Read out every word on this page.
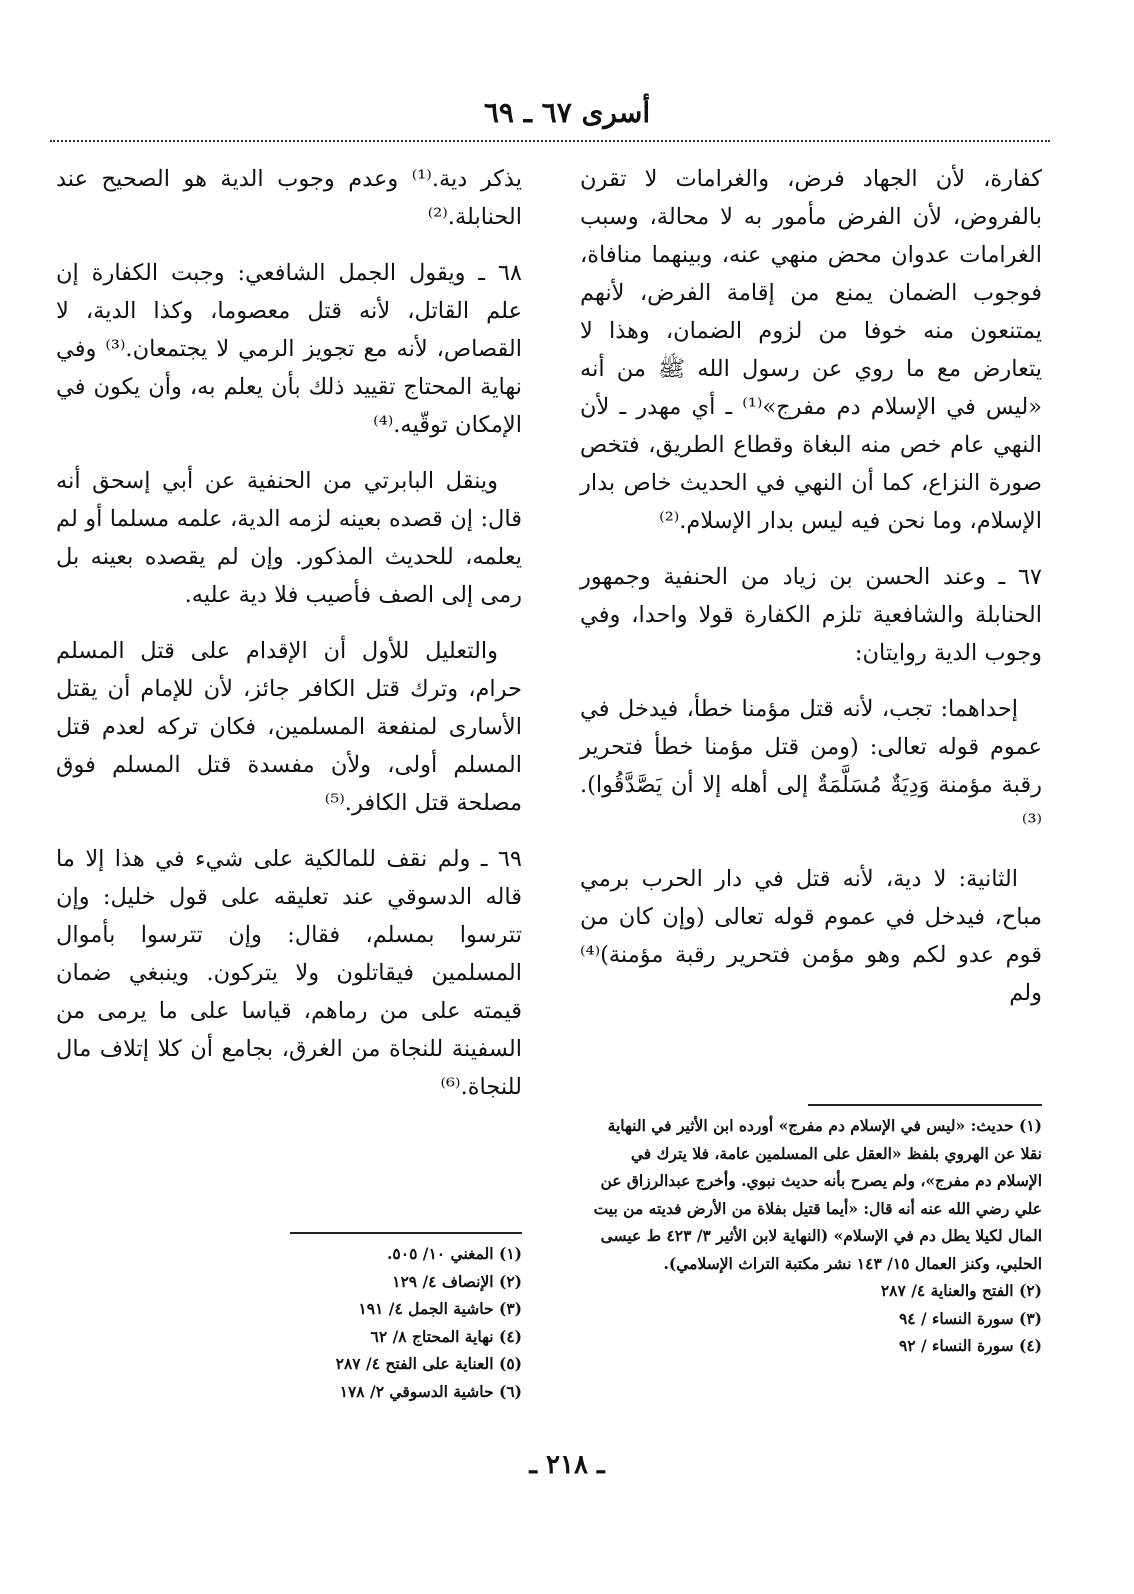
أسرى ٦٧ ـ ٦٩

كفارة، لأن الجهاد فرض، والغرامات لا تقرن بالفروض، لأن الفرض مأمور به لا محالة، وسبب الغرامات عدوان محض منهي عنه، وبينهما منافاة، فوجوب الضمان يمنع من إقامة الفرض، لأنهم يمتنعون منه خوفا من لزوم الضمان، وهذا لا يتعارض مع ما روي عن رسول الله ﷺ من أنه «ليس في الإسلام دم مفرج»⁽¹⁾ ـ أي مهدر ـ لأن النهي عام خص منه البغاة وقطاع الطريق، فتخص صورة النزاع، كما أن النهي في الحديث خاص بدار الإسلام، وما نحن فيه ليس بدار الإسلام.⁽²⁾

٦٧ ـ وعند الحسن بن زياد من الحنفية وجمهور الحنابلة والشافعية تلزم الكفارة قولا واحدا، وفي وجوب الدية روايتان:

إحداهما: تجب، لأنه قتل مؤمنا خطأ، فيدخل في عموم قوله تعالى: (ومن قتل مؤمنا خطأ فتحرير رقبة مؤمنة وَدِيَةٌ مُسَلَّمَةٌ إلى أهله إلا أن يَصَّدَّقُوا).⁽³⁾

الثانية: لا دية، لأنه قتل في دار الحرب برمي مباح، فيدخل في عموم قوله تعالى (وإن كان من قوم عدو لكم وهو مؤمن فتحرير رقبة مؤمنة)⁽⁴⁾ ولم

(١) حديث: «ليس في الإسلام دم مفرج» أورده ابن الأثير في النهاية نقلا عن الهروي بلفظ «العقل على المسلمين عامة، فلا يترك في الإسلام دم مفرج»، ولم يصرح بأنه حديث نبوي. وأخرج عبدالرزاق عن علي رضي الله عنه أنه قال: «أيما قتيل بفلاة من الأرض فديته من بيت المال لكيلا يطل دم في الإسلام» (النهاية لابن الأثير ٣/ ٤٢٣ ط عيسى الحلبي، وكنز العمال ١٥/ ١٤٣ نشر مكتبة التراث الإسلامي).
(٢) الفتح والعناية ٤/ ٢٨٧
(٣) سورة النساء / ٩٤
(٤) سورة النساء / ٩٢

يذكر دية.⁽¹⁾ وعدم وجوب الدية هو الصحيح عند الحنابلة.⁽²⁾

٦٨ ـ ويقول الجمل الشافعي: وجبت الكفارة إن علم القاتل، لأنه قتل معصوما، وكذا الدية، لا القصاص، لأنه مع تجويز الرمي لا يجتمعان.⁽³⁾ وفي نهاية المحتاج تقييد ذلك بأن يعلم به، وأن يكون في الإمكان توقّيه.⁽⁴⁾

وينقل البابرتي من الحنفية عن أبي إسحق أنه قال: إن قصده بعينه لزمه الدية، علمه مسلما أو لم يعلمه، للحديث المذكور. وإن لم يقصده بعينه بل رمى إلى الصف فأصيب فلا دية عليه.

والتعليل للأول أن الإقدام على قتل المسلم حرام، وترك قتل الكافر جائز، لأن للإمام أن يقتل الأسارى لمنفعة المسلمين، فكان تركه لعدم قتل المسلم أولى، ولأن مفسدة قتل المسلم فوق مصلحة قتل الكافر.⁽⁵⁾

٦٩ ـ ولم نقف للمالكية على شيء في هذا إلا ما قاله الدسوقي عند تعليقه على قول خليل: وإن تترسوا بمسلم، فقال: وإن تترسوا بأموال المسلمين فيقاتلون ولا يتركون. وينبغي ضمان قيمته على من رماهم، قياسا على ما يرمى من السفينة للنجاة من الغرق، بجامع أن كلا إتلاف مال للنجاة.⁽⁶⁾

(١) المغني ١٠/ ٥٠٥.
(٢) الإنصاف ٤/ ١٢٩
(٣) حاشية الجمل ٤/ ١٩١
(٤) نهاية المحتاج ٨/ ٦٢
(٥) العناية على الفتح ٤/ ٢٨٧
(٦) حاشية الدسوقي ٢/ ١٧٨
ـ ٢١٨ ـ
